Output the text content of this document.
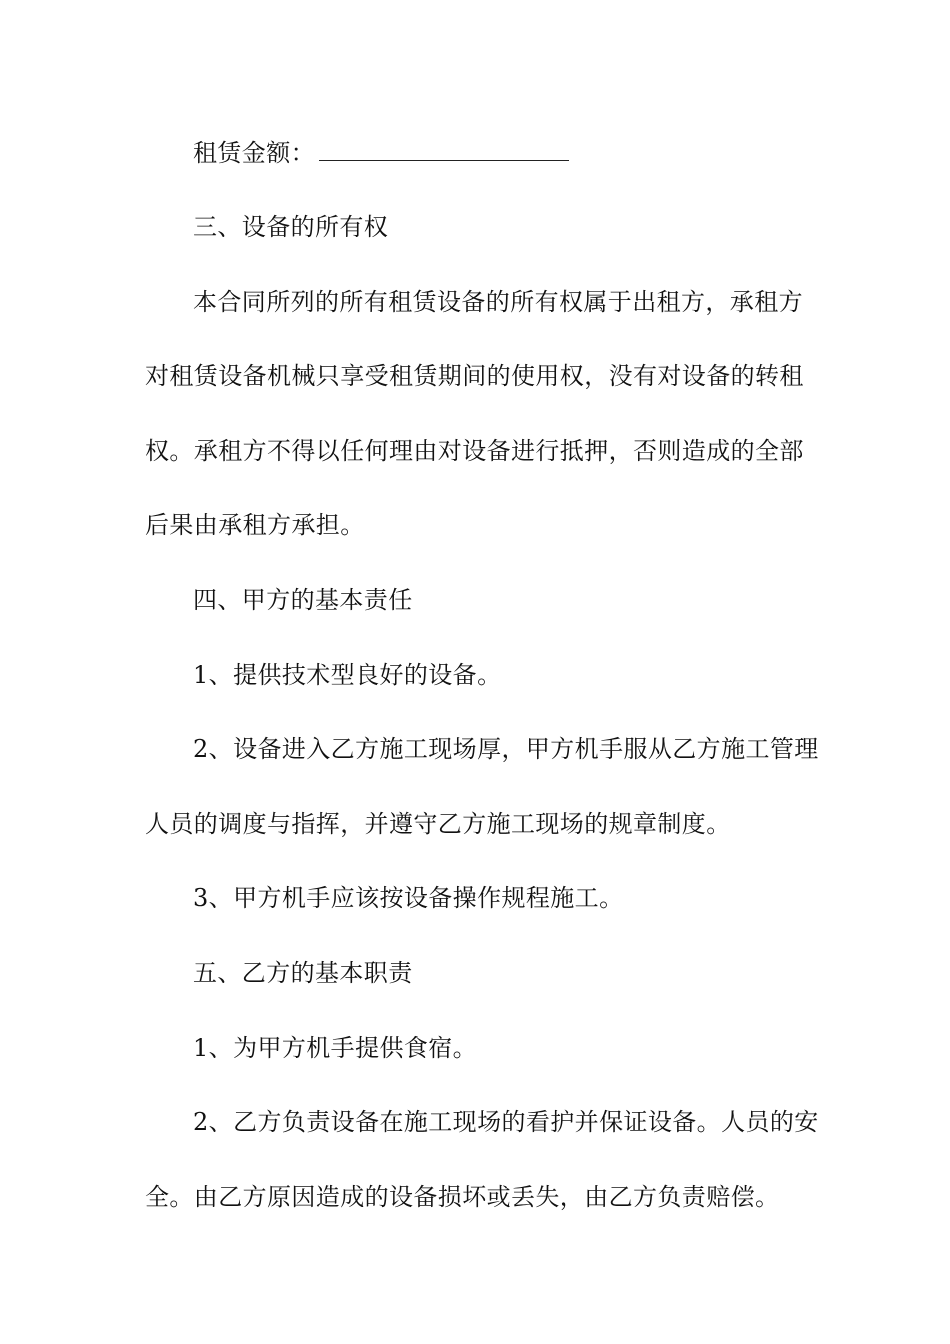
租赁金额：
三、设备的所有权
本合同所列的所有租赁设备的所有权属于出租方，承租方
对租赁设备机械只享受租赁期间的使用权，没有对设备的转租
权。承租方不得以任何理由对设备进行抵押，否则造成的全部
后果由承租方承担。
四、甲方的基本责任
1、提供技术型良好的设备。
2、设备进入乙方施工现场厚，甲方机手服从乙方施工管理
人员的调度与指挥，并遵守乙方施工现场的规章制度。
3、甲方机手应该按设备操作规程施工。
五、乙方的基本职责
1、为甲方机手提供食宿。
2、乙方负责设备在施工现场的看护并保证设备。人员的安
全。由乙方原因造成的设备损坏或丢失，由乙方负责赔偿。
